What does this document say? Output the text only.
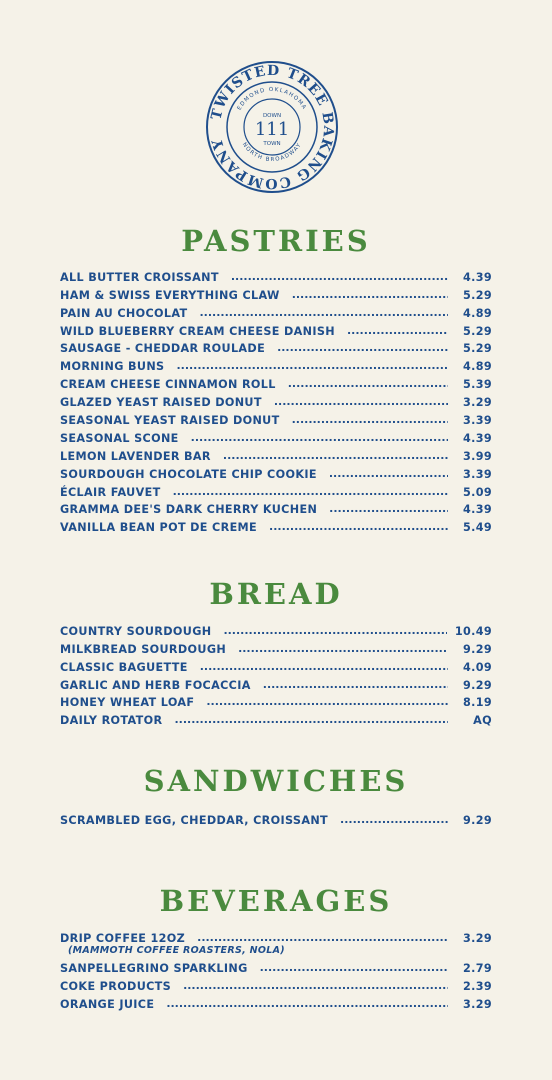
TWISTED TREE BAKING COMPANY
EDMOND OKLAHOMA
NORTH BROADWAY
DOWN
111
TOWN
PASTRIES
ALL BUTTER CROISSANT .....	4.39
HAM & SWISS EVERYTHING CLAW .....	5.29
PAIN AU CHOCOLAT .....	4.89
WILD BLUEBERRY CREAM CHEESE DANISH .....	5.29
SAUSAGE - CHEDDAR ROULADE .....	5.29
MORNING BUNS .....	4.89
CREAM CHEESE CINNAMON ROLL .....	5.39
GLAZED YEAST RAISED DONUT .....	3.29
SEASONAL YEAST RAISED DONUT .....	3.39
SEASONAL SCONE .....	4.39
LEMON LAVENDER BAR .....	3.99
SOURDOUGH CHOCOLATE CHIP COOKIE .....	3.39
ÉCLAIR FAUVET .....	5.09
GRAMMA DEE'S DARK CHERRY KUCHEN .....	4.39
VANILLA BEAN POT DE CREME .....	5.49
BREAD
COUNTRY SOURDOUGH .....	10.49
MILKBREAD SOURDOUGH .....	9.29
CLASSIC BAGUETTE .....	4.09
GARLIC AND HERB FOCACCIA .....	9.29
HONEY WHEAT LOAF .....	8.19
DAILY ROTATOR .....	AQ
SANDWICHES
SCRAMBLED EGG, CHEDDAR, CROISSANT .....	9.29
BEVERAGES
DRIP COFFEE 12OZ .....	3.29
(MAMMOTH COFFEE ROASTERS, NOLA)
SANPELLEGRINO SPARKLING .....	2.79
COKE PRODUCTS .....	2.39
ORANGE JUICE .....	3.29
